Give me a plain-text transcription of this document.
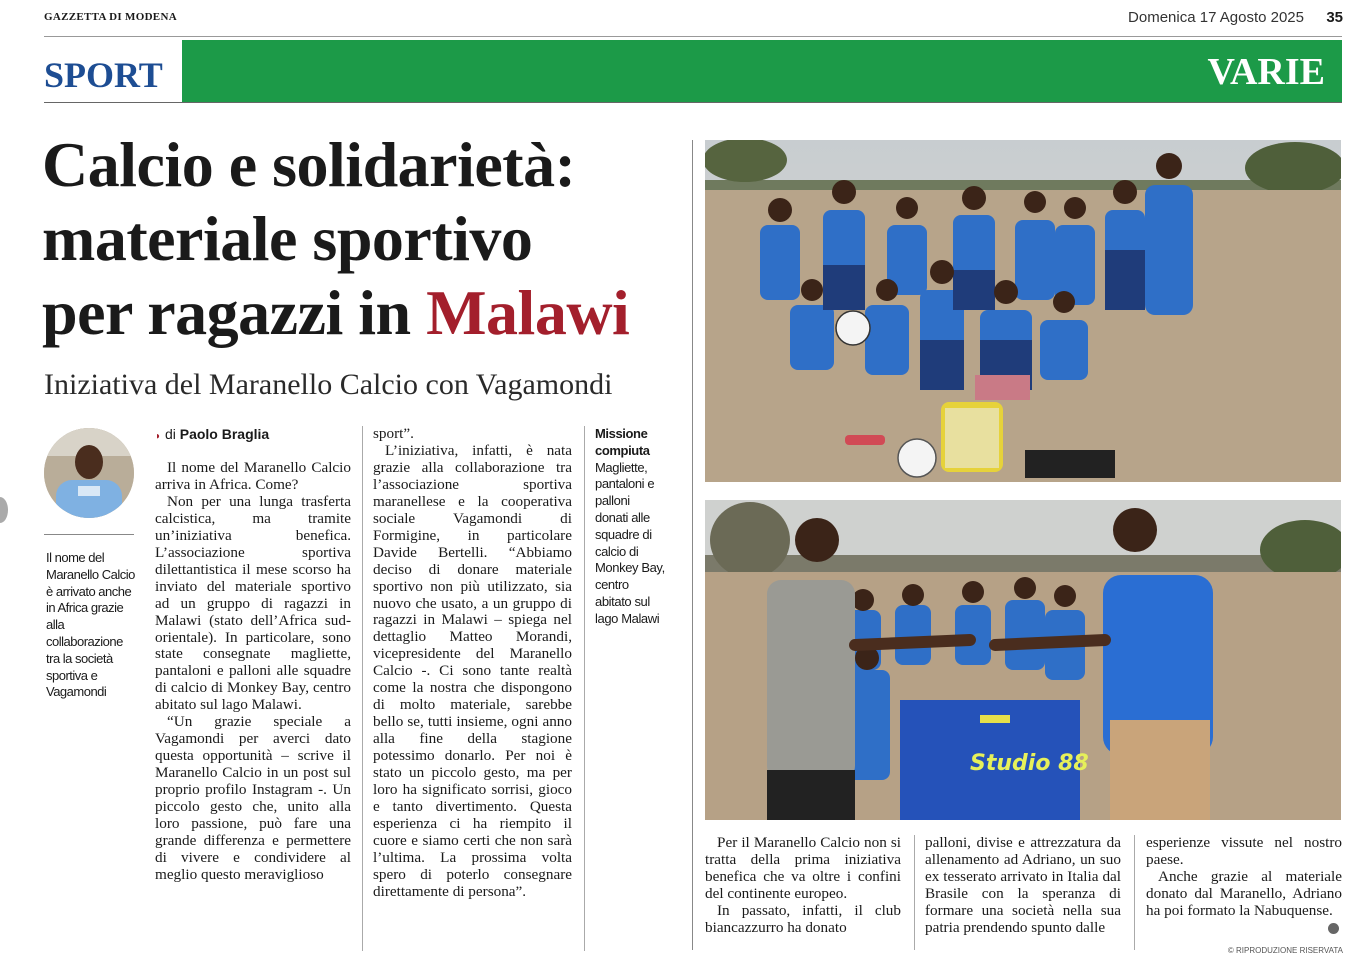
GAZZETTA DI MODENA	Domenica 17 Agosto 2025 35
SPORT	VARIE
Calcio e solidarietà:
materiale sportivo
per ragazzi in Malawi
Iniziativa del Maranello Calcio con Vagamondi
Il nome del Maranello Calcio è arrivato anche in Africa grazie alla collaborazione tra la società sportiva e Vagamondi
◗ di Paolo Braglia

Il nome del Maranello Calcio arriva in Africa. Come?

Non per una lunga trasferta calcistica, ma tramite un’iniziativa benefica. L’associazione sportiva dilettantistica il mese scorso ha inviato del materiale sportivo ad un gruppo di ragazzi in Malawi (stato dell’Africa sud-orientale). In particolare, sono state consegnate magliette, pantaloni e palloni alle squadre di calcio di Monkey Bay, centro abitato sul lago Malawi.

“Un grazie speciale a Vagamondi per averci dato questa opportunità – scrive il Maranello Calcio in un post sul proprio profilo Instagram -. Un piccolo gesto che, unito alla loro passione, può fare una grande differenza e permettere di vivere e condividere al meglio questo meraviglioso

sport”.

L’iniziativa, infatti, è nata grazie alla collaborazione tra l’associazione sportiva maranellese e la cooperativa sociale Vagamondi di Formigine, in particolare Davide Bertelli. “Abbiamo deciso di donare materiale sportivo non più utilizzato, sia nuovo che usato, a un gruppo di ragazzi in Malawi – spiega nel dettaglio Matteo Morandi, vicepresidente del Maranello Calcio -. Ci sono tante realtà come la nostra che dispongono di molto materiale, sarebbe bello se, tutti insieme, ogni anno alla fine della stagione potessimo donarlo. Per noi è stato un piccolo gesto, ma per loro ha significato sorrisi, gioco e tanto divertimento. Questa esperienza ci ha riempito il cuore e siamo certi che non sarà l’ultima. La prossima volta spero di poterlo consegnare direttamente di persona”.

Missione compiuta
Magliette, pantaloni e palloni donati alle squadre di calcio di Monkey Bay, centro abitato sul lago Malawi
Studio 88

Per il Maranello Calcio non si tratta della prima iniziativa benefica che va oltre i confini del continente europeo.

In passato, infatti, il club biancazzurro ha donato

palloni, divise e attrezzatura da allenamento ad Adriano, un suo ex tesserato arrivato in Italia dal Brasile con la speranza di formare una società nella sua patria prendendo spunto dalle

esperienze vissute nel nostro paese.

Anche grazie al materiale donato dal Maranello, Adriano ha poi formato la Nabuquense.

© RIPRODUZIONE RISERVATA
